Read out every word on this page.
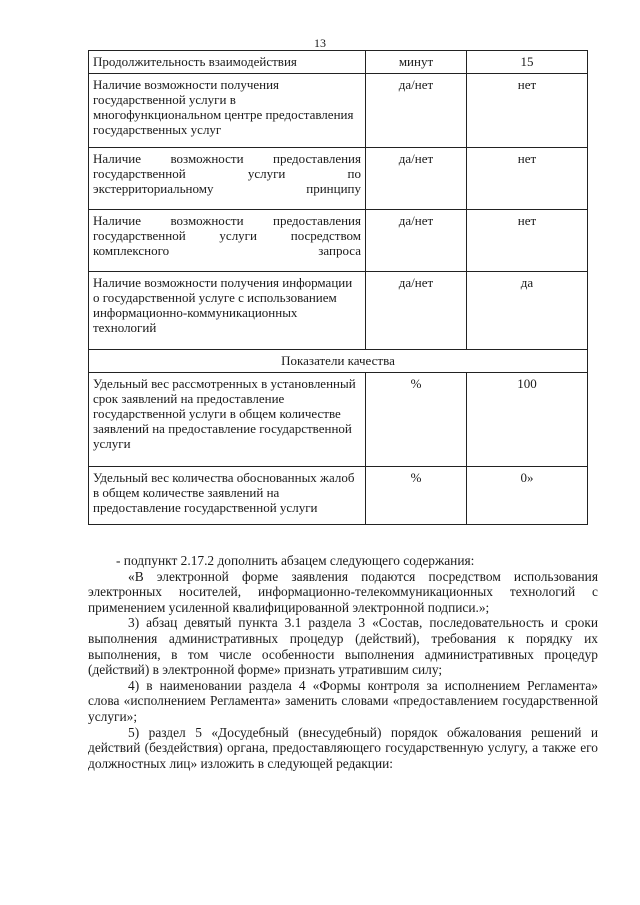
13
Продолжительность взаимодействия	минут	15
Наличие возможности получения государственной услуги в многофункциональном центре предоставления государственных услуг	да/нет	нет
Наличие возможности предоставления государственной услуги по экстерриториальному принципу	да/нет	нет
Наличие возможности предоставления государственной услуги посредством комплексного запроса	да/нет	нет
Наличие возможности получения информации о государственной услуге с использованием информационно-коммуникационных технологий	да/нет	да
Показатели качества		
Удельный вес рассмотренных в установленный срок заявлений на предоставление государственной услуги в общем количестве заявлений на предоставление государственной услуги	%	100
Удельный вес количества обоснованных жалоб в общем количестве заявлений на предоставление государственной услуги	%	0»

- подпункт 2.17.2 дополнить абзацем следующего содержания:

«В электронной форме заявления подаются посредством использования электронных носителей, информационно-телекоммуникационных технологий с применением усиленной квалифицированной электронной подписи.»;

3) абзац девятый пункта 3.1 раздела 3 «Состав, последовательность и сроки выполнения административных процедур (действий), требования к порядку их выполнения, в том числе особенности выполнения административных процедур (действий) в электронной форме» признать утратившим силу;

4) в наименовании раздела 4 «Формы контроля за исполнением Регламента» слова «исполнением Регламента» заменить словами «предоставлением государственной услуги»;

5) раздел 5 «Досудебный (внесудебный) порядок обжалования решений и действий (бездействия) органа, предоставляющего государственную услугу, а также его должностных лиц» изложить в следующей редакции:
